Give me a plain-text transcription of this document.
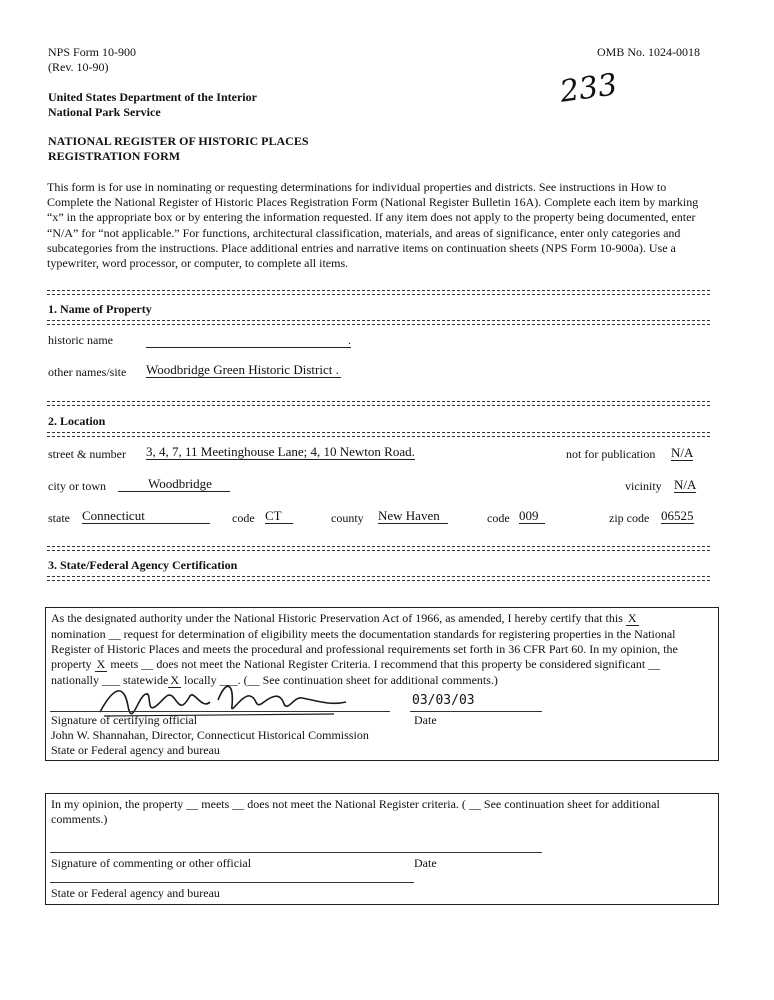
NPS Form 10-900
(Rev. 10-90)
OMB No. 1024-0018
United States Department of the Interior
National Park Service
233
NATIONAL REGISTER OF HISTORIC PLACES
REGISTRATION FORM
This form is for use in nominating or requesting determinations for individual properties and districts. See instructions in How to Complete the National Register of Historic Places Registration Form (National Register Bulletin 16A). Complete each item by marking “x” in the appropriate box or by entering the information requested. If any item does not apply to the property being documented, enter “N/A” for “not applicable.” For functions, architectural classification, materials, and areas of significance, enter only categories and subcategories from the instructions. Place additional entries and narrative items on continuation sheets (NPS Form 10-900a). Use a typewriter, word processor, or computer, to complete all items.
1. Name of Property
historic name	.
other names/site Woodbridge Green Historic District .
2. Location
street & number 3, 4, 7, 11 Meetinghouse Lane; 4, 10 Newton Road.	not for publication N/A
city or town	Woodbridge	vicinity N/A
state Connecticut	code CT	county New Haven	code 009	zip code 06525
3. State/Federal Agency Certification
As the designated authority under the National Historic Preservation Act of 1966, as amended, I hereby certify that this X
nomination __ request for determination of eligibility meets the documentation standards for registering properties in the National
Register of Historic Places and meets the procedural and professional requirements set forth in 36 CFR Part 60. In my opinion, the
property X meets __ does not meet the National Register Criteria. I recommend that this property be considered significant __
nationally ___ statewide X locally ___. (__ See continuation sheet for additional comments.)
03/03/03
Signature of certifying official	Date
John W. Shannahan, Director, Connecticut Historical Commission
State or Federal agency and bureau
In my opinion, the property __ meets __ does not meet the National Register criteria. ( __ See continuation sheet for additional
comments.)
Signature of commenting or other official	Date
State or Federal agency and bureau
